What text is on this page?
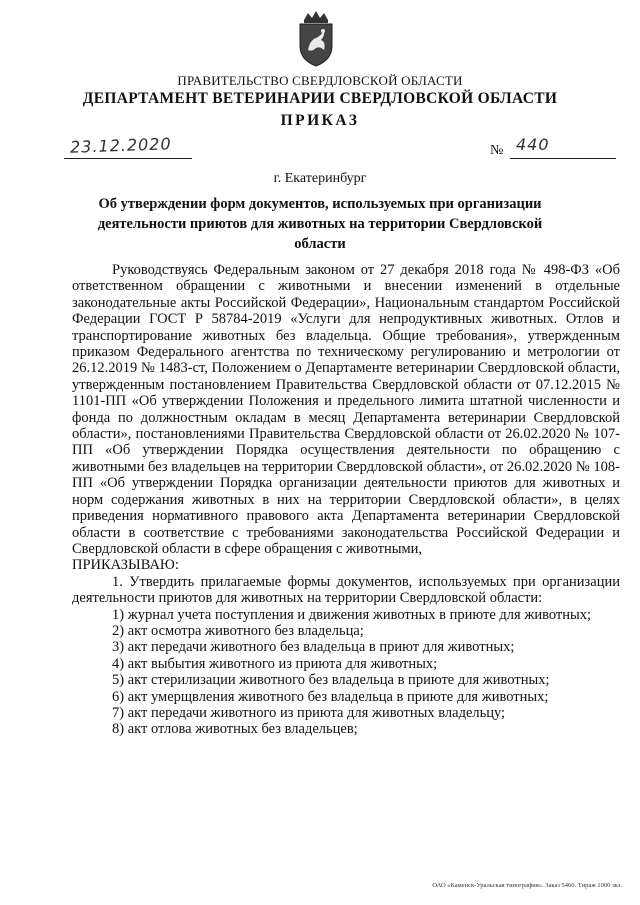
ПРАВИТЕЛЬСТВО СВЕРДЛОВСКОЙ ОБЛАСТИ
ДЕПАРТАМЕНТ ВЕТЕРИНАРИИ СВЕРДЛОВСКОЙ ОБЛАСТИ
ПРИКАЗ
23.12.2020	№ 440
г. Екатеринбург
Об утверждении форм документов, используемых при организации деятельности приютов для животных на территории Свердловской области

Руководствуясь Федеральным законом от 27 декабря 2018 года № 498-ФЗ «Об ответственном обращении с животными и внесении изменений в отдельные законодательные акты Российской Федерации», Национальным стандартом Российской Федерации ГОСТ Р 58784-2019 «Услуги для непродуктивных животных. Отлов и транспортирование животных без владельца. Общие требования», утвержденным приказом Федерального агентства по техническому регулированию и метрологии от 26.12.2019 № 1483-ст, Положением о Департаменте ветеринарии Свердловской области, утвержденным постановлением Правительства Свердловской области от 07.12.2015 № 1101-ПП «Об утверждении Положения и предельного лимита штатной численности и фонда по должностным окладам в месяц Департамента ветеринарии Свердловской области», постановлениями Правительства Свердловской области от 26.02.2020 № 107-ПП «Об утверждении Порядка осуществления деятельности по обращению с животными без владельцев на территории Свердловской области», от 26.02.2020 № 108-ПП «Об утверждении Порядка организации деятельности приютов для животных и норм содержания животных в них на территории Свердловской области», в целях приведения нормативного правового акта Департамента ветеринарии Свердловской области в соответствие с требованиями законодательства Российской Федерации и Свердловской области в сфере обращения с животными,

ПРИКАЗЫВАЮ:

1. Утвердить прилагаемые формы документов, используемых при организации деятельности приютов для животных на территории Свердловской области:

1) журнал учета поступления и движения животных в приюте для животных;

2) акт осмотра животного без владельца;

3) акт передачи животного без владельца в приют для животных;

4) акт выбытия животного из приюта для животных;

5) акт стерилизации животного без владельца в приюте для животных;

6) акт умерщвления животного без владельца в приюте для животных;

7) акт передачи животного из приюта для животных владельцу;

8) акт отлова животных без владельцев;

ОАО «Каменск-Уральская типография». Заказ 5460. Тираж 1000 экз.
